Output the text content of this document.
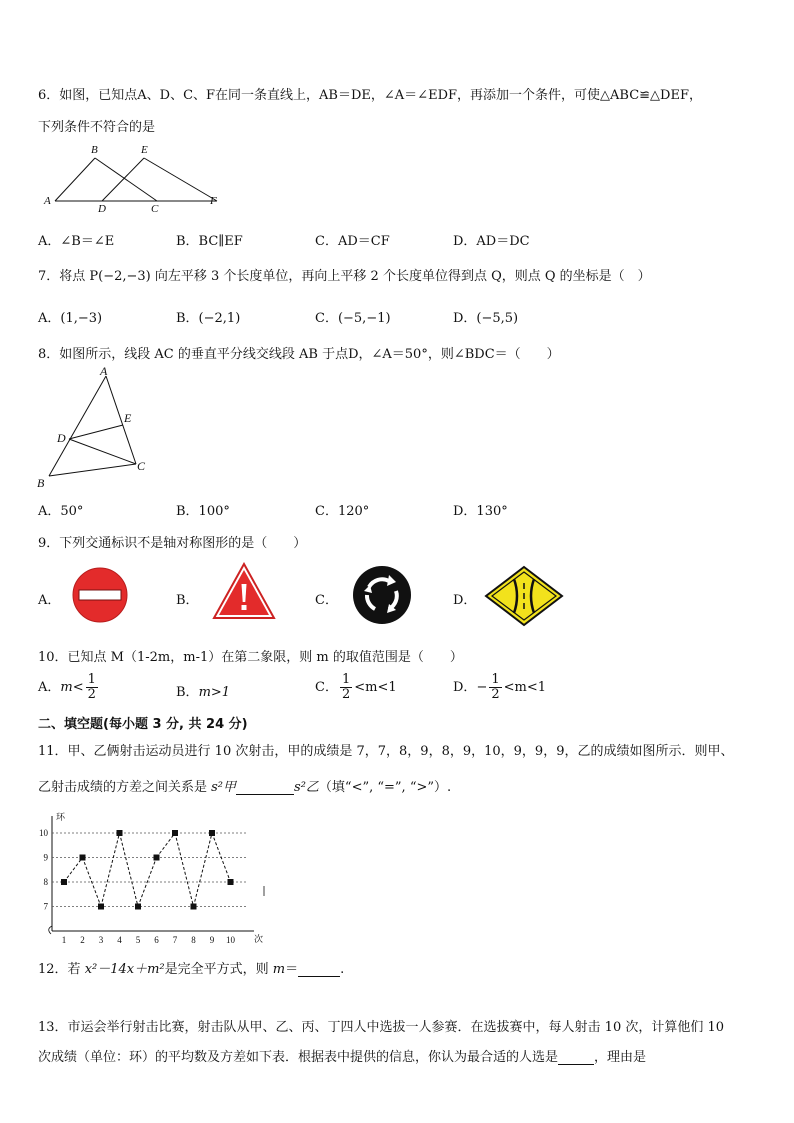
6．如图，已知点A、D、C、F在同一条直线上，AB＝DE，∠A＝∠EDF，再添加一个条件，可使△ABC≌△DEF，
下列条件不符合的是
B	E
A
D	C
F
A．∠B＝∠E	B．BC∥EF	C．AD＝CF	D．AD＝DC
7．将点 P(−2,−3) 向左平移 3 个长度单位，再向上平移 2 个长度单位得到点 Q，则点 Q 的坐标是（　）
A．(1,−3)	B．(−2,1)	C．(−5,−1)	D．(−5,5)
8．如图所示，线段 AC 的垂直平分线交线段 AB 于点D，∠A＝50°，则∠BDC＝（　　）
A
E
D
B
C
A．50°	B．100°	C．120°	D．130°
9．下列交通标识不是轴对称图形的是（　　）
A．	B．	C．	D．
10．已知点 M（1-2m，m-1）在第二象限，则 m 的取值范围是（　　）
A．$m< \frac{1}{2}$	B．m>1	C． $\frac{1}{2} <m<1$	D．− $\frac{1}{2} <m<1$
二、填空题(每小题 3 分, 共 24 分)
11．甲、乙俩射击运动员进行 10 次射击，甲的成绩是 7，7，8，9，8，9，10，9，9，9，乙的成绩如图所示．则甲、
乙射击成绩的方差之间关系是 s²甲	s²乙（填“<”, “=”, “>”）.
环
次
7
8
9
10
1 2 3 4 5 6 7 8 9 10
12．若 x²－14x＋m²是完全平方式，则 m＝	.
13．市运会举行射击比赛，射击队从甲、乙、丙、丁四人中选拔一人参赛．在选拔赛中，每人射击 10 次，计算他们 10
次成绩（单位：环）的平均数及方差如下表．根据表中提供的信息，你认为最合适的人选是	，理由是
